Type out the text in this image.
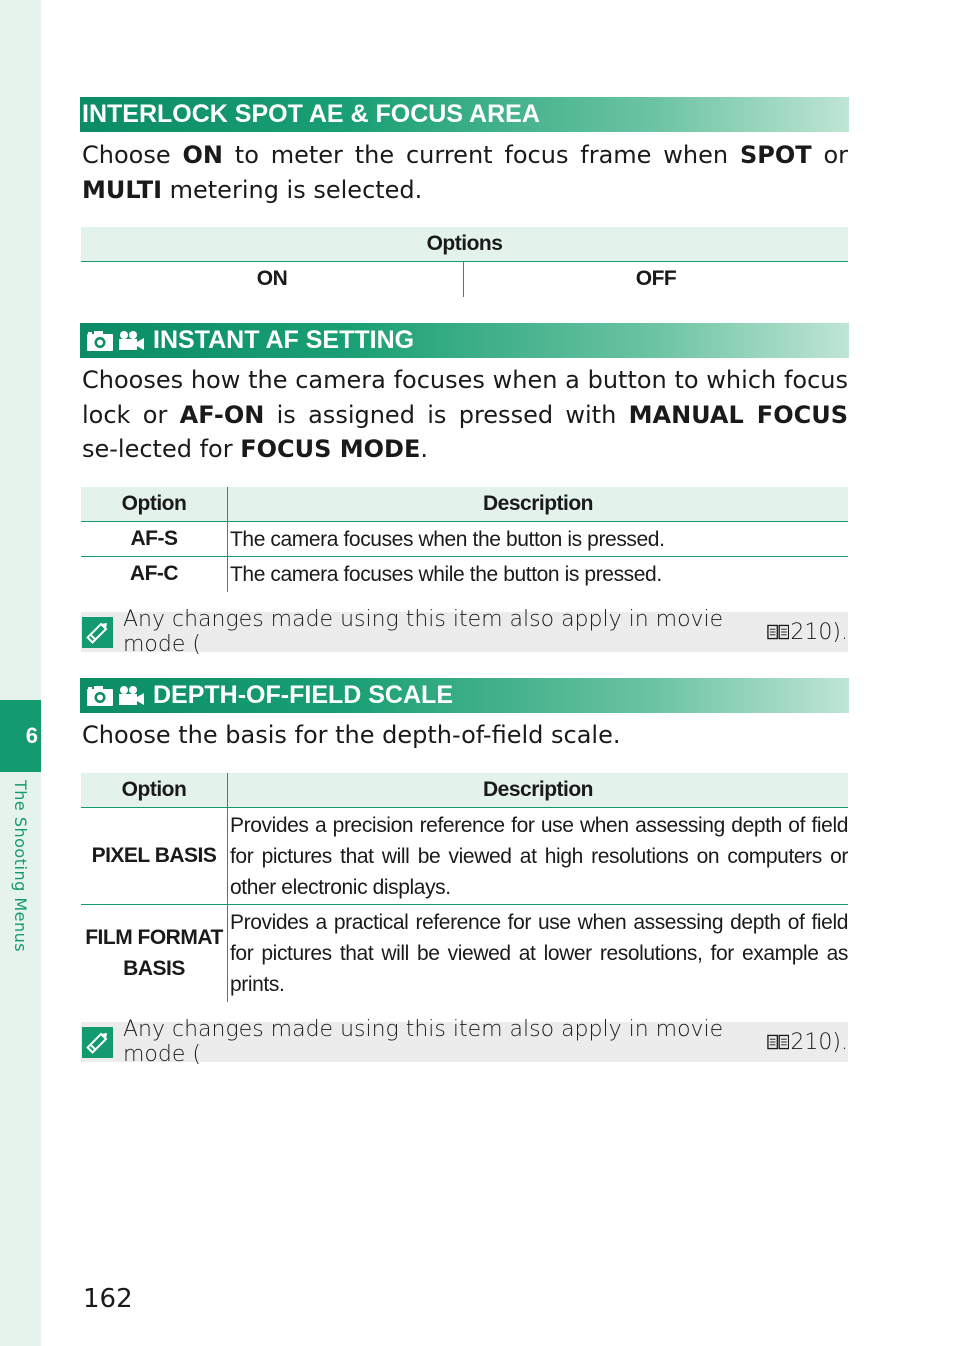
6
The Shooting Menus
INTERLOCK SPOT AE & FOCUS AREA
Choose ON to meter the current focus frame when SPOT or MULTI metering is selected.
Options
ON	OFF
INSTANT AF SETTING
Chooses how the camera focuses when a button to which focus lock or AF-ON is assigned is pressed with MANUAL FOCUS se-lected for FOCUS MODE.
Option	Description
AF-S	The camera focuses when the button is pressed.
AF-C	The camera focuses while the button is pressed.
Any changes made using this item also apply in movie mode (	210).
DEPTH-OF-FIELD SCALE
Choose the basis for the depth-of-field scale.
Option	Description
PIXEL BASIS	Provides a precision reference for use when assessing depth of field for pictures that will be viewed at high resolutions on computers or other electronic displays.

FILM FORMAT
BASIS	Provides a practical reference for use when assessing depth of field for pictures that will be viewed at lower resolutions, for example as prints.
Any changes made using this item also apply in movie mode (	210).
162
